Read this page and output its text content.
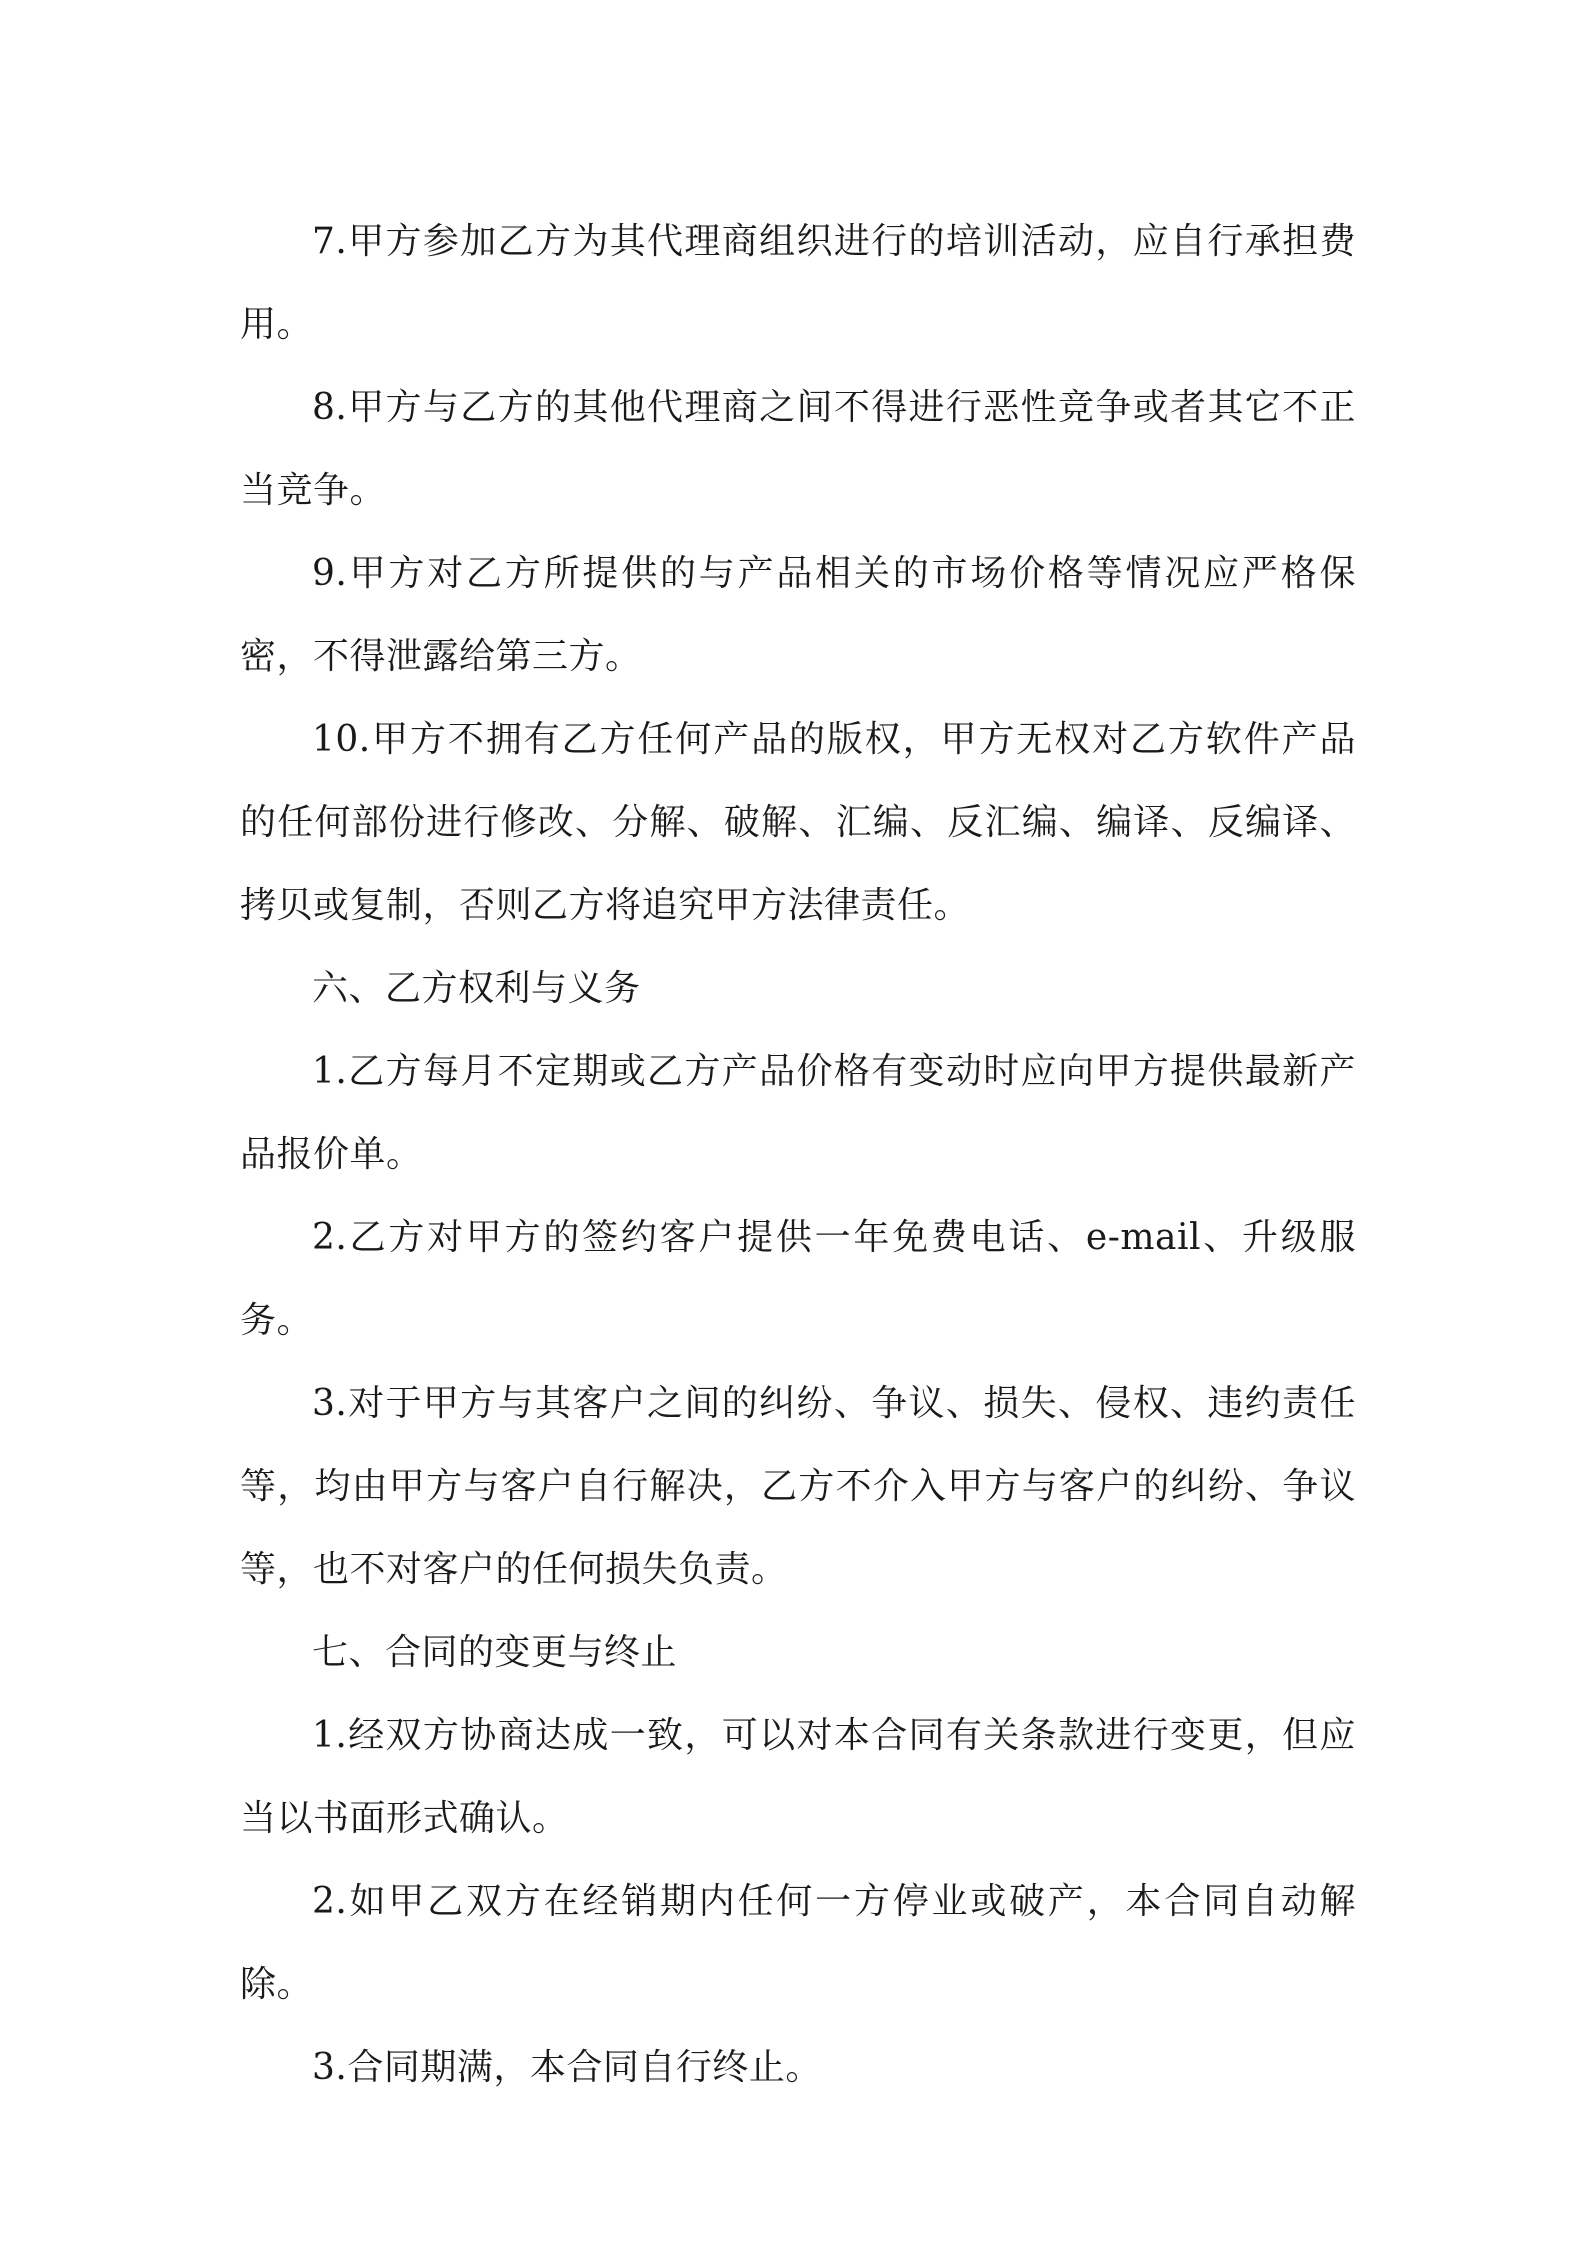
7.甲方参加乙方为其代理商组织进行的培训活动，应自行承担费用。

8.甲方与乙方的其他代理商之间不得进行恶性竞争或者其它不正当竞争。

9.甲方对乙方所提供的与产品相关的市场价格等情况应严格保密，不得泄露给第三方。

10.甲方不拥有乙方任何产品的版权，甲方无权对乙方软件产品的任何部份进行修改、分解、破解、汇编、反汇编、编译、反编译、拷贝或复制，否则乙方将追究甲方法律责任。

六、乙方权利与义务

1.乙方每月不定期或乙方产品价格有变动时应向甲方提供最新产品报价单。

2.乙方对甲方的签约客户提供一年免费电话、e-mail、升级服务。

3.对于甲方与其客户之间的纠纷、争议、损失、侵权、违约责任等，均由甲方与客户自行解决，乙方不介入甲方与客户的纠纷、争议等，也不对客户的任何损失负责。

七、合同的变更与终止

1.经双方协商达成一致，可以对本合同有关条款进行变更，但应当以书面形式确认。

2.如甲乙双方在经销期内任何一方停业或破产，本合同自动解除。

3.合同期满，本合同自行终止。
